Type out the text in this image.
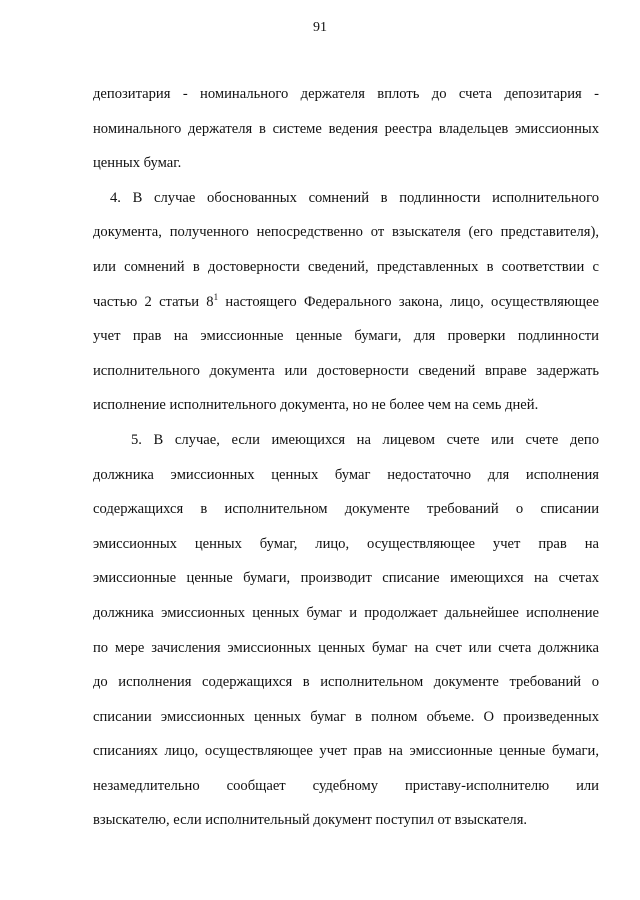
91
депозитария - номинального держателя вплоть до счета депозитария -
номинального держателя в системе ведения реестра владельцев эмиссионных
ценных бумаг.
4. В случае обоснованных сомнений в подлинности исполнительного
документа, полученного непосредственно от взыскателя (его представителя),
или сомнений в достоверности сведений, представленных в соответствии с
частью 2 статьи $8^1$ настоящего Федерального закона, лицо, осуществляющее
учет прав на эмиссионные ценные бумаги, для проверки подлинности
исполнительного документа или достоверности сведений вправе задержать
исполнение исполнительного документа, но не более чем на семь дней.
5. В случае, если имеющихся на лицевом счете или счете депо
должника эмиссионных ценных бумаг недостаточно для исполнения
содержащихся в исполнительном документе требований о списании
эмиссионных ценных бумаг, лицо, осуществляющее учет прав на
эмиссионные ценные бумаги, производит списание имеющихся на счетах
должника эмиссионных ценных бумаг и продолжает дальнейшее исполнение
по мере зачисления эмиссионных ценных бумаг на счет или счета должника
до исполнения содержащихся в исполнительном документе требований о
списании эмиссионных ценных бумаг в полном объеме. О произведенных
списаниях лицо, осуществляющее учет прав на эмиссионные ценные бумаги,
незамедлительно сообщает судебному приставу-исполнителю или
взыскателю, если исполнительный документ поступил от взыскателя.
